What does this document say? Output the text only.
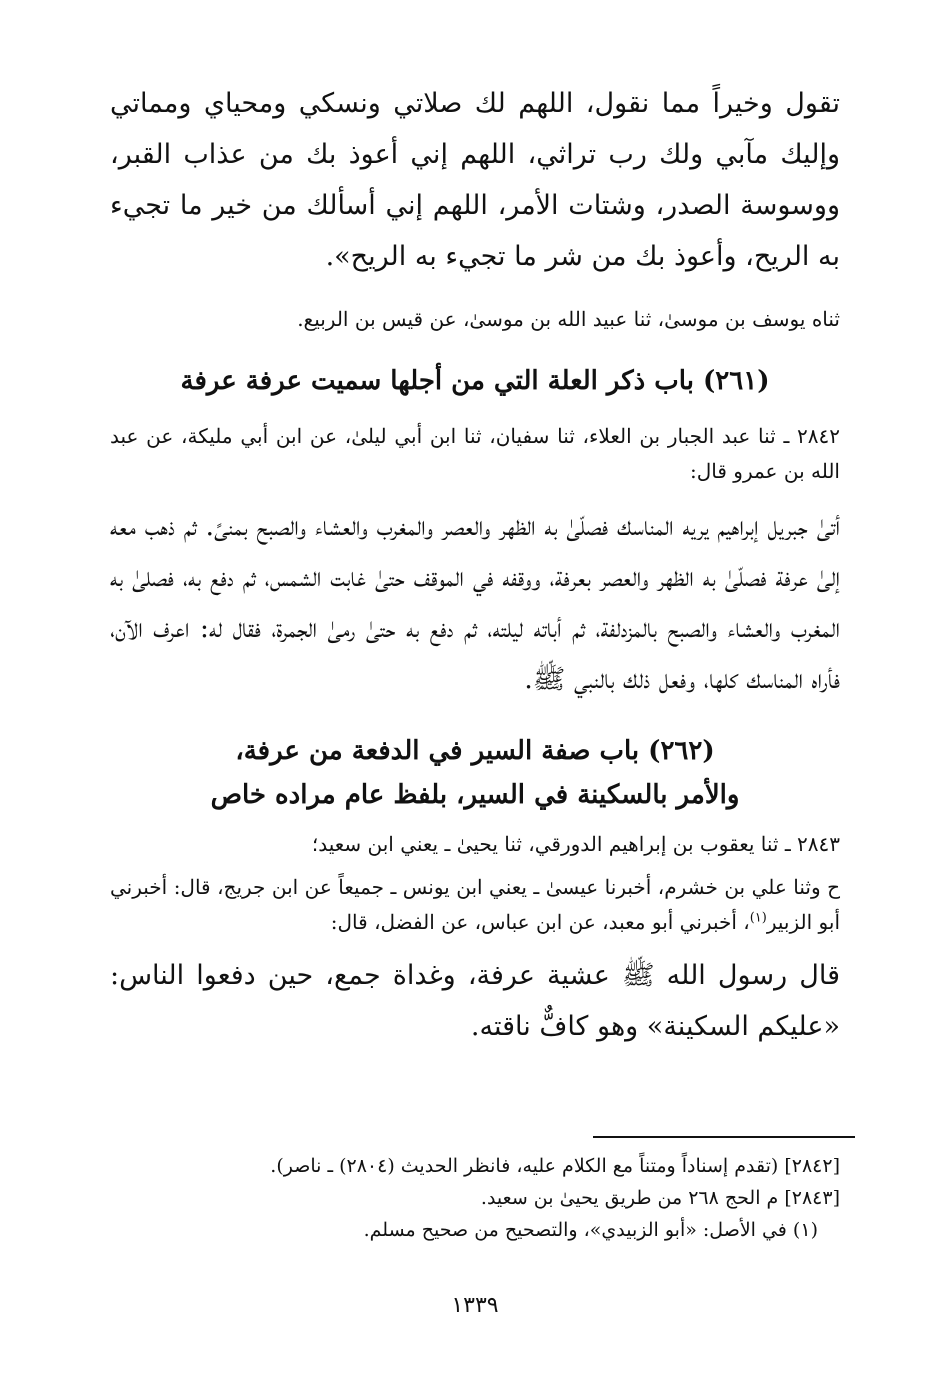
تقول وخيراً مما نقول، اللهم لك صلاتي ونسكي ومحياي ومماتي وإليك مآبي ولك رب تراثي، اللهم إني أعوذ بك من عذاب القبر، ووسوسة الصدر، وشتات الأمر، اللهم إني أسألك من خير ما تجيء به الريح، وأعوذ بك من شر ما تجيء به الريح».

ثناه يوسف بن موسىٰ، ثنا عبيد الله بن موسىٰ، عن قيس بن الربيع.

(٢٦١) باب ذكر العلة التي من أجلها سميت عرفة عرفة

٢٨٤٢ ـ ثنا عبد الجبار بن العلاء، ثنا سفيان، ثنا ابن أبي ليلىٰ، عن ابن أبي مليكة، عن عبد الله بن عمرو قال:

أتىٰ جبريل إبراهيم يريه المناسك فصلّىٰ به الظهر والعصر والمغرب والعشاء والصبح بمنىً. ثم ذهب معه إلىٰ عرفة فصلّىٰ به الظهر والعصر بعرفة، ووقفه في الموقف حتىٰ غابت الشمس، ثم دفع به، فصلىٰ به المغرب والعشاء والصبح بالمزدلفة، ثم أباته ليلته، ثم دفع به حتىٰ رمىٰ الجمرة، فقال له: اعرف الآن، فأراه المناسك كلها، وفعل ذلك بالنبي ﷺ.

(٢٦٢) باب صفة السير في الدفعة من عرفة،
والأمر بالسكينة في السير، بلفظ عام مراده خاص

٢٨٤٣ ـ ثنا يعقوب بن إبراهيم الدورقي، ثنا يحيىٰ ـ يعني ابن سعيد؛

ح وثنا علي بن خشرم، أخبرنا عيسىٰ ـ يعني ابن يونس ـ جميعاً عن ابن جريج، قال: أخبرني أبو الزبير$^{(١)}$، أخبرني أبو معبد، عن ابن عباس، عن الفضل، قال:

قال رسول الله ﷺ عشية عرفة، وغداة جمع، حين دفعوا الناس: «عليكم السكينة» وهو كافٌّ ناقته.

[٢٨٤٢] (تقدم إسناداً ومتناً مع الكلام عليه، فانظر الحديث (٢٨٠٤) ـ ناصر).

[٢٨٤٣] م الحج ٢٦٨ من طريق يحيىٰ بن سعيد.

(١) في الأصل: «أبو الزبيدي»، والتصحيح من صحيح مسلم.

١٣٣٩
